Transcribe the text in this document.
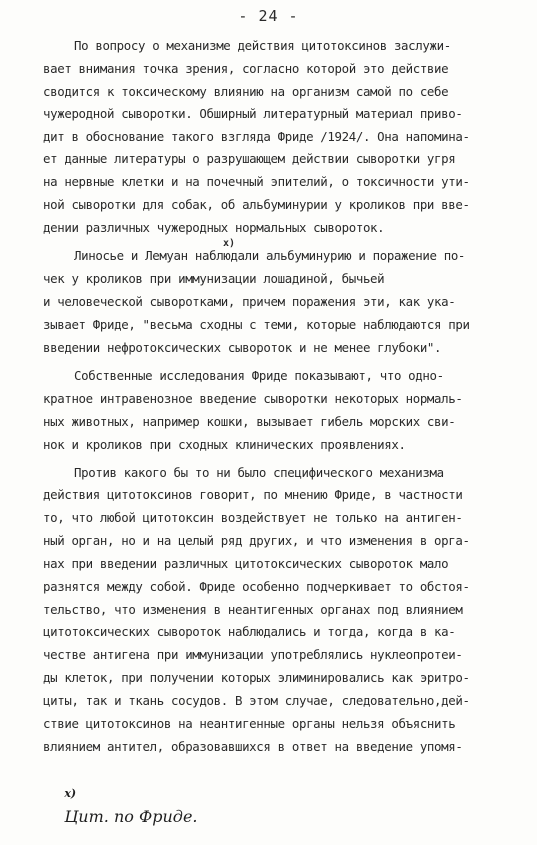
- 24 -
По вопросу о механизме действия цитотоксинов заслужи-
вает внимания точка зрения, согласно которой это действие
сводится к токсическому влиянию на организм самой по себе
чужеродной сыворотки. Обширный литературный материал приво-
дит в обоснование такого взгляда Фриде /1924/. Она напомина-
ет данные литературы о разрушающем действии сыворотки угря
на нервные клетки и на почечный эпителий, о токсичности ути-
ной сыворотки для собак, об альбуминурии у кроликов при вве-
дении различных чужеродных нормальных сывороток.
Линосье и Лемуан наблюдали альбуминурию и поражение по-
чек у кроликов при иммунизации лошадиной, бычьей
и человеческой сыворотками, причем поражения эти, как ука-
зывает Фриде, "весьма сходны с теми, которые наблюдаются при
введении нефротоксических сывороток и не менее глубоки".
Собственные исследования Фриде показывают, что одно-
кратное интравенозное введение сыворотки некоторых нормаль-
ных животных, например кошки, вызывает гибель морских сви-
нок и кроликов при сходных клинических проявлениях.
Против какого бы то ни было специфического механизма
действия цитотоксинов говорит, по мнению Фриде, в частности
то, что любой цитотоксин воздействует не только на антиген-
ный орган, но и на целый ряд других, и что изменения в орга-
нах при введении различных цитотоксических сывороток мало
разнятся между собой. Фриде особенно подчеркивает то обстоя-
тельство, что изменения в неантигенных органах под влиянием
цитотоксических сывороток наблюдались и тогда, когда в ка-
честве антигена при иммунизации употреблялись нуклеопротеи-
ды клеток, при получении которых элиминировались как эритро-
циты, так и ткань сосудов. В этом случае, следовательно,дей-
ствие цитотоксинов на неантигенные органы нельзя объяснить
влиянием антител, образовавшихся в ответ на введение упомя-
x)

$^{x)}$
Цит. по Фриде.
